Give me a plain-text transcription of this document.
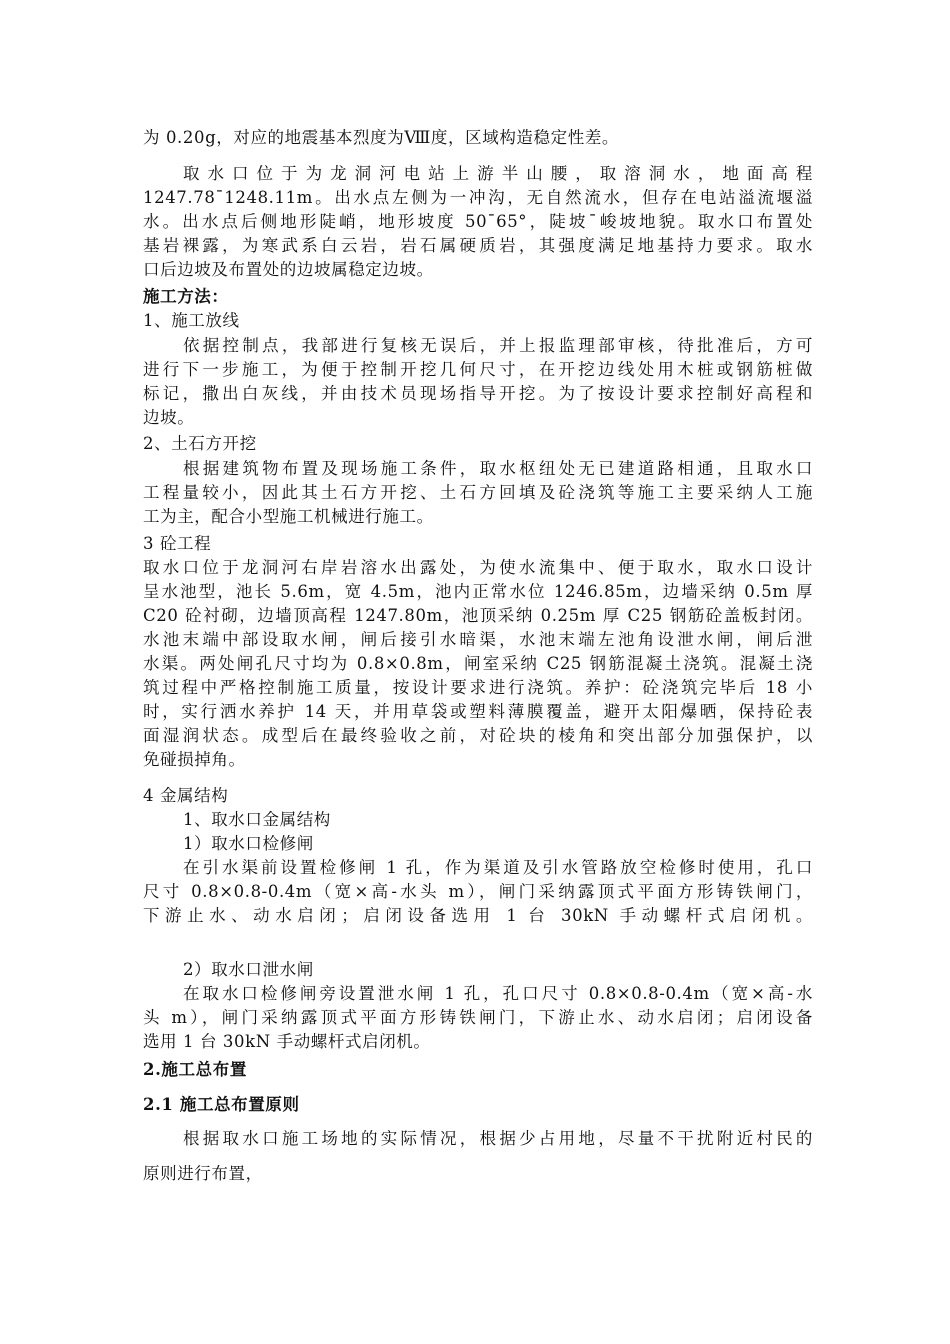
为 0.20g，对应的地震基本烈度为Ⅷ度，区域构造稳定性差。
取水口位于为龙洞河电站上游半山腰，取溶洞水，地面高程
1247.78¯1248.11m。出水点左侧为一冲沟，无自然流水，但存在电站溢流堰溢
水。出水点后侧地形陡峭，地形坡度 50¯65°，陡坡¯峻坡地貌。取水口布置处
基岩裸露，为寒武系白云岩，岩石属硬质岩，其强度满足地基持力要求。取水
口后边坡及布置处的边坡属稳定边坡。
施工方法：
1、施工放线
依据控制点，我部进行复核无误后，并上报监理部审核，待批准后，方可
进行下一步施工，为便于控制开挖几何尺寸，在开挖边线处用木桩或钢筋桩做
标记，撒出白灰线，并由技术员现场指导开挖。为了按设计要求控制好高程和
边坡。
2、土石方开挖
根据建筑物布置及现场施工条件，取水枢纽处无已建道路相通，且取水口
工程量较小，因此其土石方开挖、土石方回填及砼浇筑等施工主要采纳人工施
工为主，配合小型施工机械进行施工。
3 砼工程
取水口位于龙洞河右岸岩溶水出露处，为使水流集中、便于取水，取水口设计
呈水池型，池长 5.6m，宽 4.5m，池内正常水位 1246.85m，边墙采纳 0.5m 厚
C20 砼衬砌，边墙顶高程 1247.80m，池顶采纳 0.25m 厚 C25 钢筋砼盖板封闭。
水池末端中部设取水闸，闸后接引水暗渠，水池末端左池角设泄水闸，闸后泄
水渠。两处闸孔尺寸均为 0.8×0.8m，闸室采纳 C25 钢筋混凝土浇筑。混凝土浇
筑过程中严格控制施工质量，按设计要求进行浇筑。养护：砼浇筑完毕后 18 小
时，实行洒水养护 14 天，并用草袋或塑料薄膜覆盖，避开太阳爆晒，保持砼表
面湿润状态。成型后在最终验收之前，对砼块的棱角和突出部分加强保护，以
免碰损掉角。
4 金属结构
1、取水口金属结构
1）取水口检修闸
在引水渠前设置检修闸 1 孔，作为渠道及引水管路放空检修时使用，孔口
尺寸 0.8×0.8-0.4m（宽×高-水头 m），闸门采纳露顶式平面方形铸铁闸门，
下游止水、动水启闭；启闭设备选用 1 台 30kN 手动螺杆式启闭机。
2）取水口泄水闸
在取水口检修闸旁设置泄水闸 1 孔，孔口尺寸 0.8×0.8-0.4m（宽×高-水
头 m），闸门采纳露顶式平面方形铸铁闸门，下游止水、动水启闭；启闭设备
选用 1 台 30kN 手动螺杆式启闭机。
2.施工总布置
2.1 施工总布置原则
根据取水口施工场地的实际情况，根据少占用地，尽量不干扰附近村民的
原则进行布置，
